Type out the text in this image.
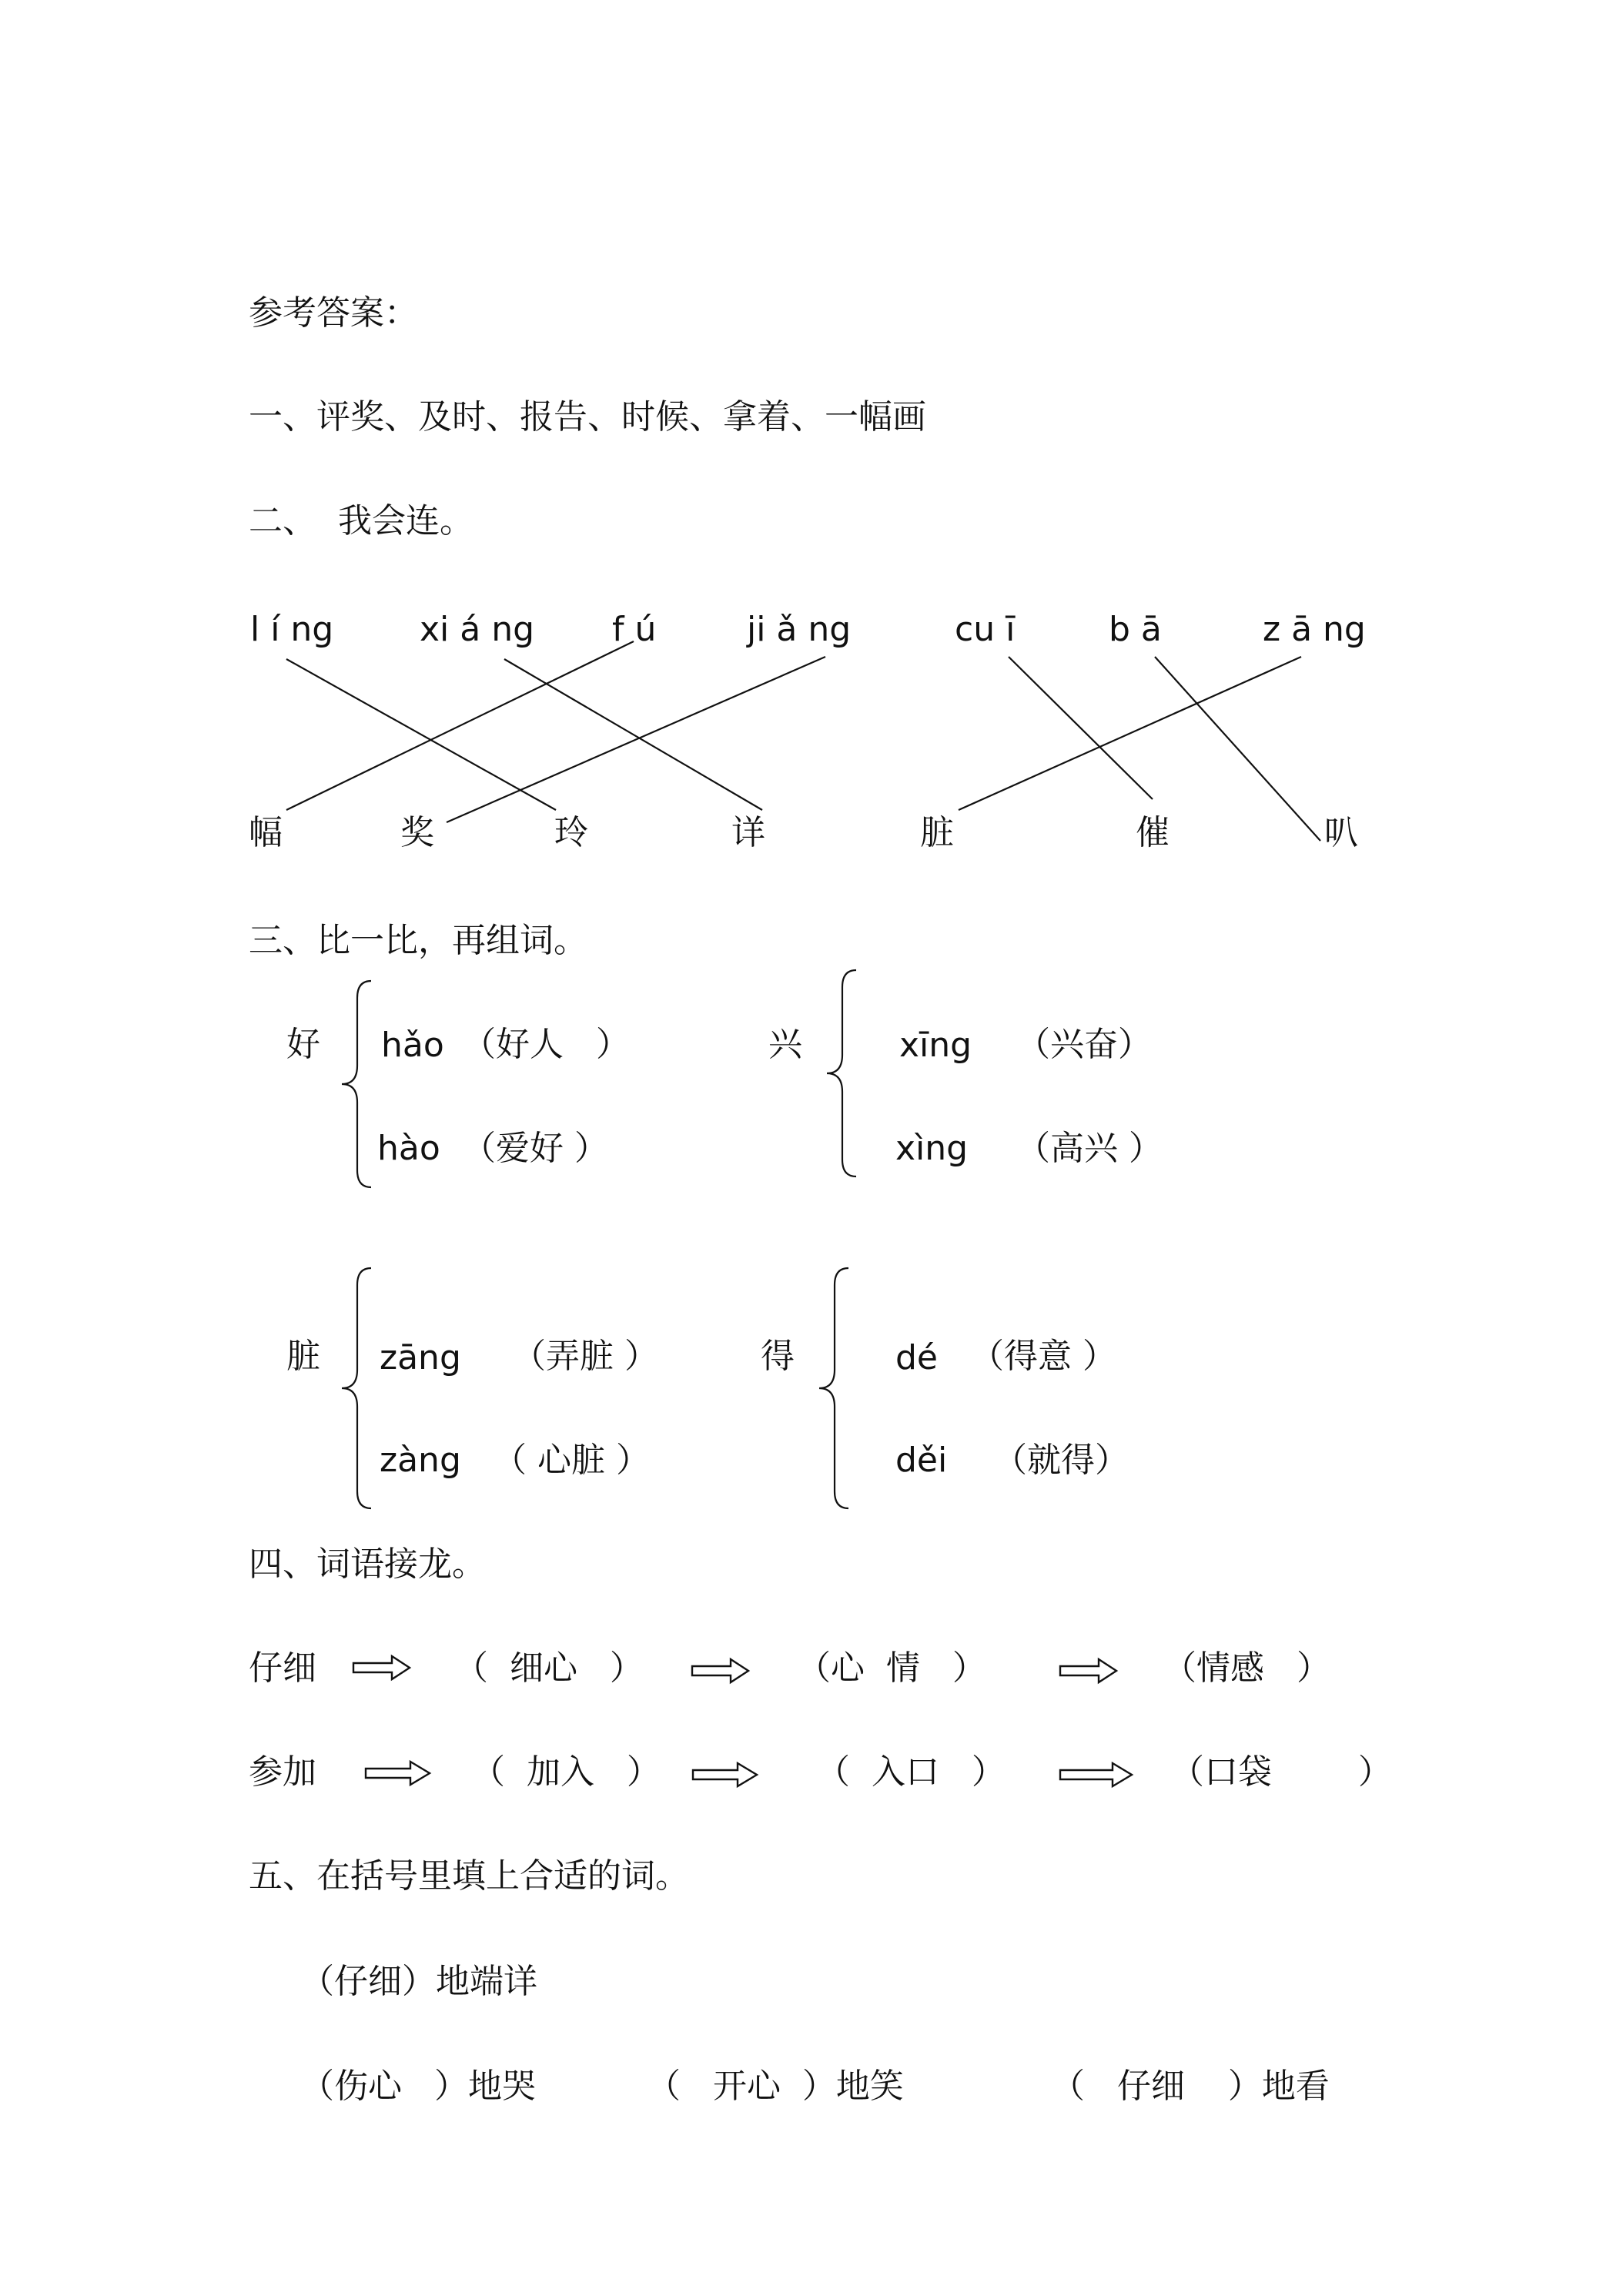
参考答案：
一、评奖、及时、报告、时候、拿着、一幅画
二、  我会连。
l í ng	xi á ng f ú	ji ǎ ng	cu ī	b ā	z ā ng
幅	奖	玲	详	脏	催	叭
三、比一比，再组词。
好 hǎo （好人   ）
hào （爱好 ）
兴	xīng （兴奋）
xìng （高兴 ）
脏 zāng （弄脏 ）
zàng （ 心脏 ）
得	dé （得意 ）
děi （就得）
四、词语接龙。
仔细	（  细心   ）	（心  情   ）	（情感   ）
参加	（  加入   ）	（  入口   ）	（口袋        ）
五、在括号里填上合适的词。
（仔细）地端详
（伤心   ）地哭	（   开心  ）地笑	（   仔细    ）地看
